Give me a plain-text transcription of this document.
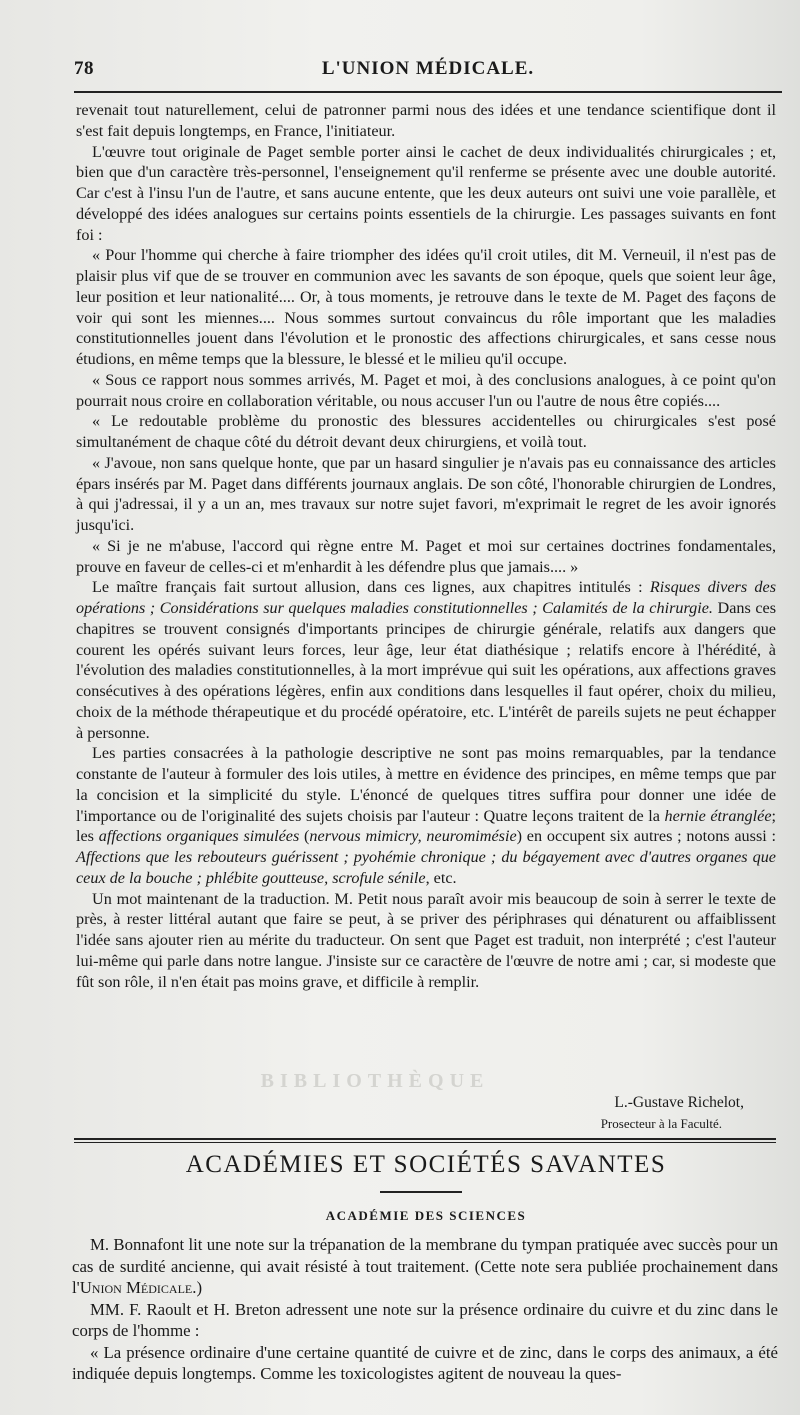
78	L'UNION MÉDICALE.
BIBLIOTHÈQUE

revenait tout naturellement, celui de patronner parmi nous des idées et une tendance scientifique dont il s'est fait depuis longtemps, en France, l'initiateur.

L'œuvre tout originale de Paget semble porter ainsi le cachet de deux individualités chirurgicales ; et, bien que d'un caractère très-personnel, l'enseignement qu'il renferme se présente avec une double autorité. Car c'est à l'insu l'un de l'autre, et sans aucune entente, que les deux auteurs ont suivi une voie parallèle, et développé des idées analogues sur certains points essentiels de la chirurgie. Les passages suivants en font foi :

« Pour l'homme qui cherche à faire triompher des idées qu'il croit utiles, dit M. Verneuil, il n'est pas de plaisir plus vif que de se trouver en communion avec les savants de son époque, quels que soient leur âge, leur position et leur nationalité.... Or, à tous moments, je retrouve dans le texte de M. Paget des façons de voir qui sont les miennes.... Nous sommes surtout convaincus du rôle important que les maladies constitutionnelles jouent dans l'évolution et le pronostic des affections chirurgicales, et sans cesse nous étudions, en même temps que la blessure, le blessé et le milieu qu'il occupe.

« Sous ce rapport nous sommes arrivés, M. Paget et moi, à des conclusions analogues, à ce point qu'on pourrait nous croire en collaboration véritable, ou nous accuser l'un ou l'autre de nous être copiés....

« Le redoutable problème du pronostic des blessures accidentelles ou chirurgicales s'est posé simultanément de chaque côté du détroit devant deux chirurgiens, et voilà tout.

« J'avoue, non sans quelque honte, que par un hasard singulier je n'avais pas eu connaissance des articles épars insérés par M. Paget dans différents journaux anglais. De son côté, l'honorable chirurgien de Londres, à qui j'adressai, il y a un an, mes travaux sur notre sujet favori, m'exprimait le regret de les avoir ignorés jusqu'ici.

« Si je ne m'abuse, l'accord qui règne entre M. Paget et moi sur certaines doctrines fondamentales, prouve en faveur de celles-ci et m'enhardit à les défendre plus que jamais.... »

Le maître français fait surtout allusion, dans ces lignes, aux chapitres intitulés : Risques divers des opérations ; Considérations sur quelques maladies constitutionnelles ; Calamités de la chirurgie. Dans ces chapitres se trouvent consignés d'importants principes de chirurgie générale, relatifs aux dangers que courent les opérés suivant leurs forces, leur âge, leur état diathésique ; relatifs encore à l'hérédité, à l'évolution des maladies constitutionnelles, à la mort imprévue qui suit les opérations, aux affections graves consécutives à des opérations légères, enfin aux conditions dans lesquelles il faut opérer, choix du milieu, choix de la méthode thérapeutique et du procédé opératoire, etc. L'intérêt de pareils sujets ne peut échapper à personne.

Les parties consacrées à la pathologie descriptive ne sont pas moins remarquables, par la tendance constante de l'auteur à formuler des lois utiles, à mettre en évidence des principes, en même temps que par la concision et la simplicité du style. L'énoncé de quelques titres suffira pour donner une idée de l'importance ou de l'originalité des sujets choisis par l'auteur : Quatre leçons traitent de la hernie étranglée; les affections organiques simulées (nervous mimicry, neuromimésie) en occupent six autres ; notons aussi : Affections que les rebouteurs guérissent ; pyohémie chronique ; du bégayement avec d'autres organes que ceux de la bouche ; phlébite goutteuse, scrofule sénile, etc.

Un mot maintenant de la traduction. M. Petit nous paraît avoir mis beaucoup de soin à serrer le texte de près, à rester littéral autant que faire se peut, à se priver des périphrases qui dénaturent ou affaiblissent l'idée sans ajouter rien au mérite du traducteur. On sent que Paget est traduit, non interprété ; c'est l'auteur lui-même qui parle dans notre langue. J'insiste sur ce caractère de l'œuvre de notre ami ; car, si modeste que fût son rôle, il n'en était pas moins grave, et difficile à remplir.

L.-Gustave Richelot,
Prosecteur à la Faculté.
ACADÉMIES ET SOCIÉTÉS SAVANTES
ACADÉMIE DES SCIENCES

M. Bonnafont lit une note sur la trépanation de la membrane du tympan pratiquée avec succès pour un cas de surdité ancienne, qui avait résisté à tout traitement. (Cette note sera publiée prochainement dans l'Union Médicale.)

MM. F. Raoult et H. Breton adressent une note sur la présence ordinaire du cuivre et du zinc dans le corps de l'homme :

« La présence ordinaire d'une certaine quantité de cuivre et de zinc, dans le corps des animaux, a été indiquée depuis longtemps. Comme les toxicologistes agitent de nouveau la ques-
